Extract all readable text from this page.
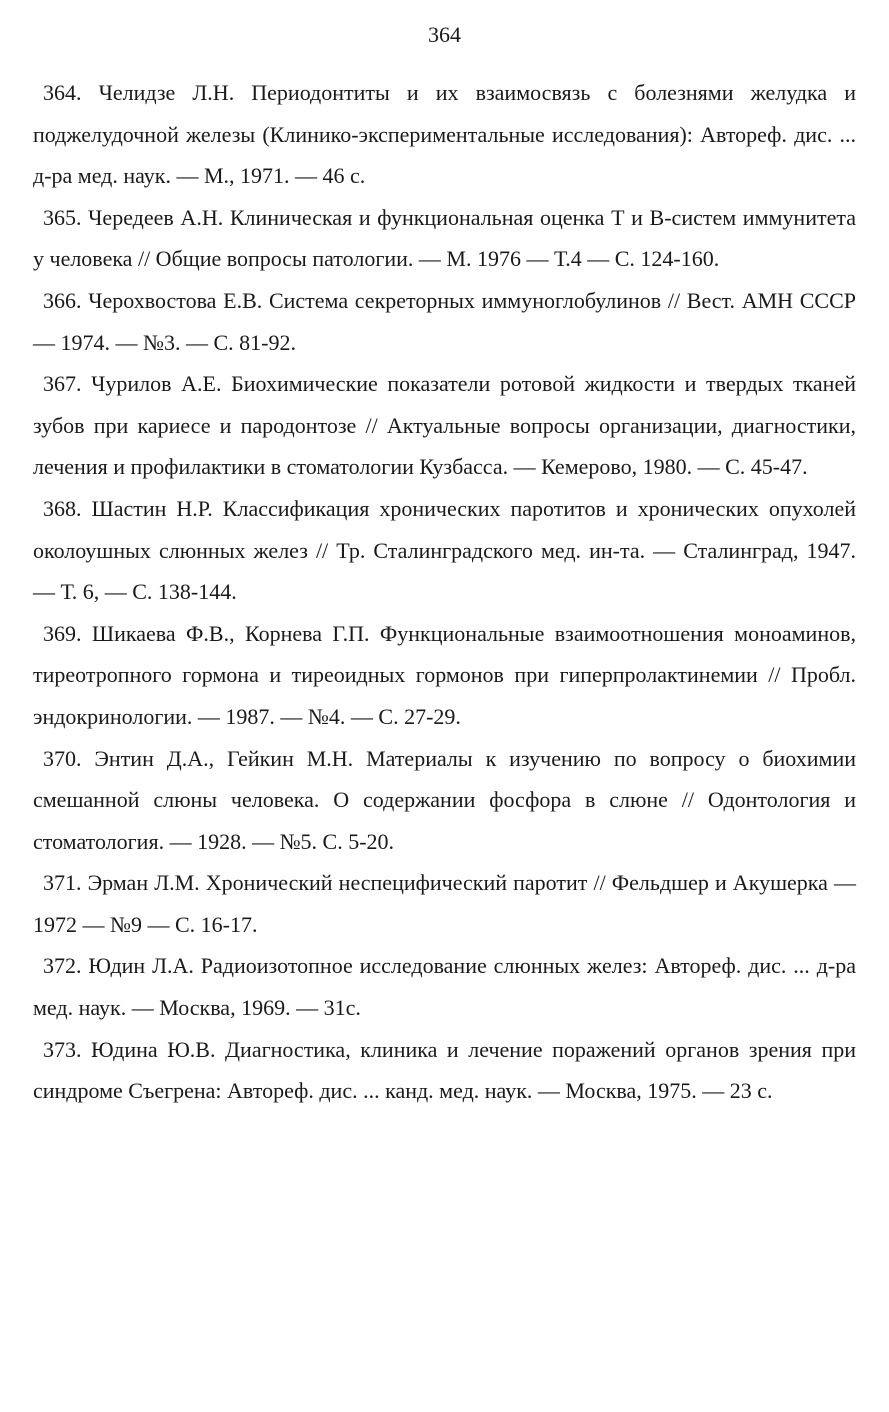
364

364. Челидзе Л.Н. Периодонтиты и их взаимосвязь с болезнями желудка и поджелудочной железы (Клинико-экспериментальные исследования): Автореф. дис. ... д-ра мед. наук. — М., 1971. — 46 с.

365. Чередеев А.Н. Клиническая и функциональная оценка Т и В-систем иммунитета у человека // Общие вопросы патологии. — М. 1976 — Т.4 — С. 124-160.

366. Черохвостова Е.В. Система секреторных иммуноглобулинов // Вест. АМН СССР — 1974. — №3. — С. 81-92.

367. Чурилов А.Е. Биохимические показатели ротовой жидкости и твердых тканей зубов при кариесе и пародонтозе // Актуальные вопросы организации, диагностики, лечения и профилактики в стоматологии Кузбасса. — Кемерово, 1980. — С. 45-47.

368. Шастин Н.Р. Классификация хронических паротитов и хронических опухолей околоушных слюнных желез // Тр. Сталинградского мед. ин-та. — Сталинград, 1947. — Т. 6, — С. 138-144.

369. Шикаева Ф.В., Корнева Г.П. Функциональные взаимоотношения моноаминов, тиреотропного гормона и тиреоидных гормонов при гиперпролактинемии // Пробл. эндокринологии. — 1987. — №4. — С. 27-29.

370. Энтин Д.А., Гейкин М.Н. Материалы к изучению по вопросу о биохимии смешанной слюны человека. О содержании фосфора в слюне // Одонтология и стоматология. — 1928. — №5. С. 5-20.

371. Эрман Л.М. Хронический неспецифический паротит // Фельдшер и Акушерка — 1972 — №9 — С. 16-17.

372. Юдин Л.А. Радиоизотопное исследование слюнных желез: Автореф. дис. ... д-ра мед. наук. — Москва, 1969. — 31с.

373. Юдина Ю.В. Диагностика, клиника и лечение поражений органов зрения при синдроме Съегрена: Автореф. дис. ... канд. мед. наук. — Москва, 1975. — 23 с.
